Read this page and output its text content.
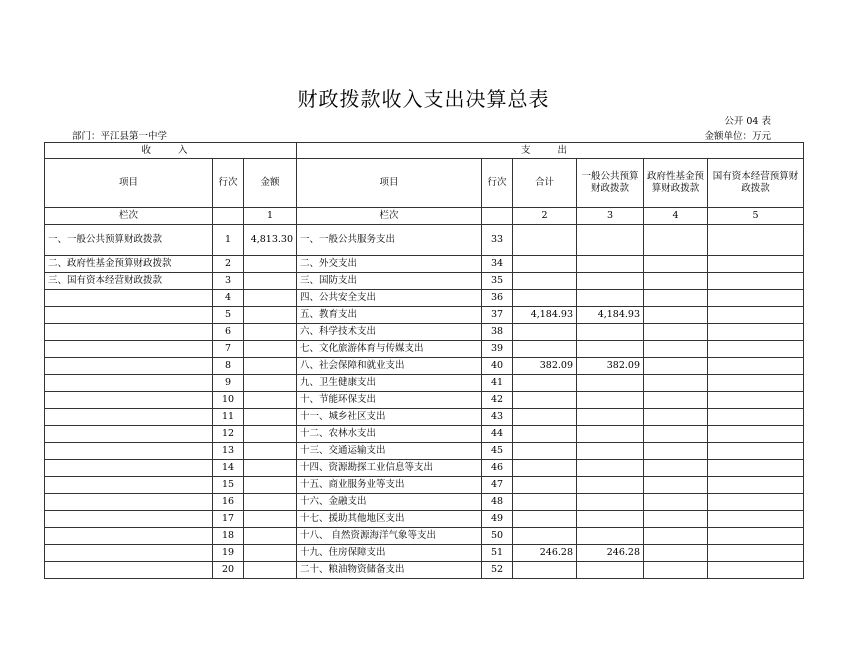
财政拨款收入支出决算总表
公开 04 表
部门：平江县第一中学	金额单位：万元
收 入			支 出					
项目	行次	金额	项目	行次	合计	一般公共预算财政拨款	政府性基金预算财政拨款	国有资本经营预算财政拨款
栏次		1	栏次		2	3	4	5
一、一般公共预算财政拨款	1	4,813.30	一、一般公共服务支出	33				
二、政府性基金预算财政拨款	2		二、外交支出	34				
三、国有资本经营财政拨款	3		三、国防支出	35				
	4		四、公共安全支出	36				
	5		五、教育支出	37	4,184.93	4,184.93		
	6		六、科学技术支出	38				
	7		七、文化旅游体育与传媒支出	39				
	8		八、社会保障和就业支出	40	382.09	382.09		
	9		九、卫生健康支出	41				
	10		十、节能环保支出	42				
	11		十一、城乡社区支出	43				
	12		十二、农林水支出	44				
	13		十三、交通运输支出	45				
	14		十四、资源勘探工业信息等支出	46				
	15		十五、商业服务业等支出	47				
	16		十六、金融支出	48				
	17		十七、援助其他地区支出	49				
	18		十八、 自然资源海洋气象等支出	50				
	19		十九、住房保障支出	51	246.28	246.28		
	20		二十、粮油物资储备支出	52				
